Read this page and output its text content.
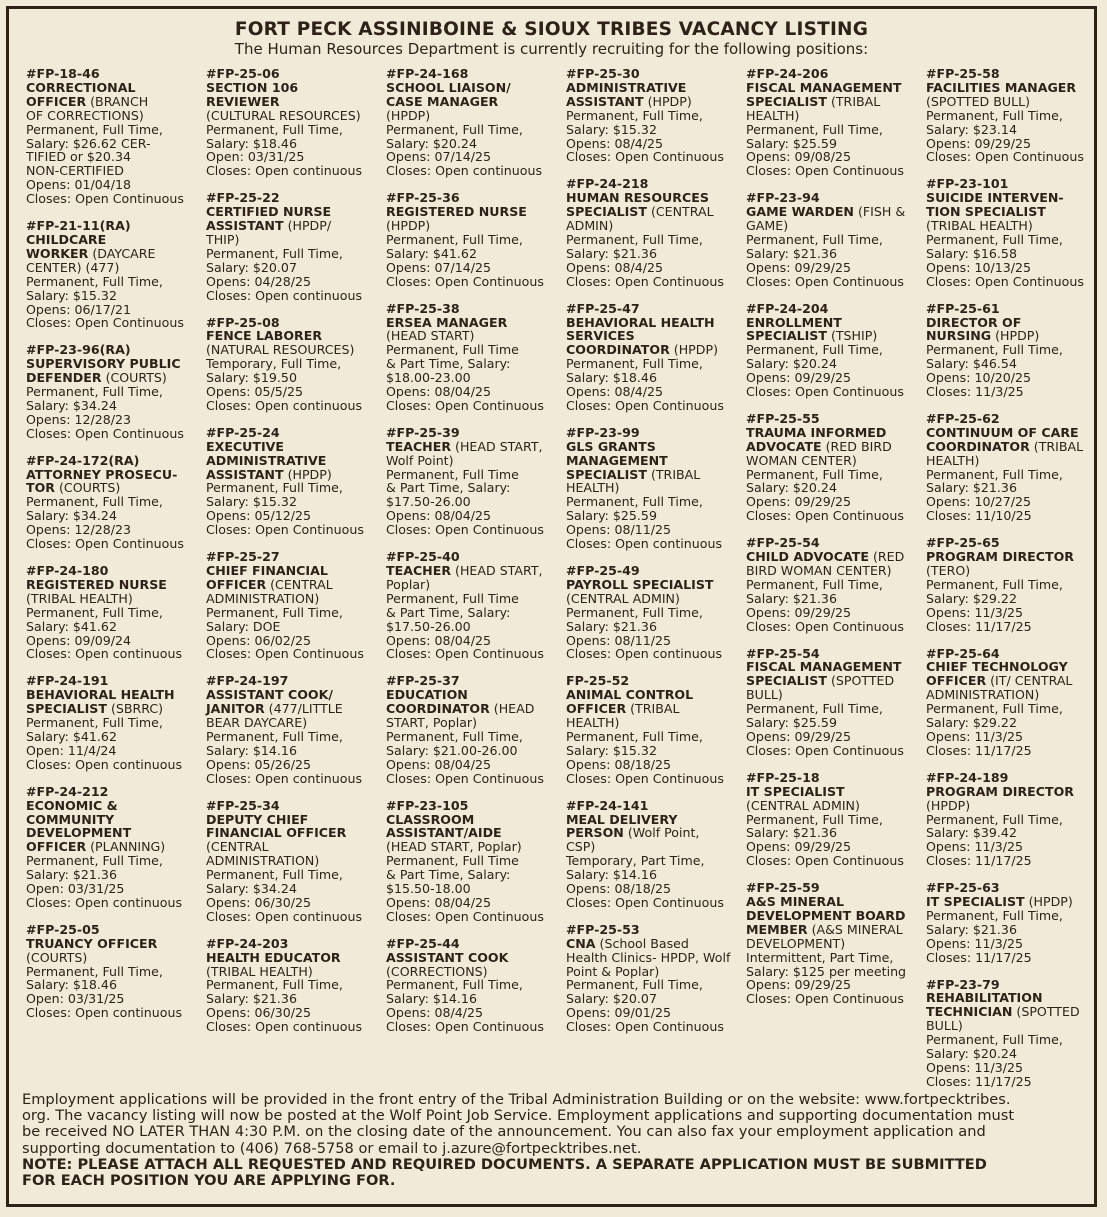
FORT PECK ASSINIBOINE & SIOUX TRIBES VACANCY LISTING
The Human Resources Department is currently recruiting for the following positions:
#FP-18-46
CORRECTIONAL
OFFICER (BRANCH
OF CORRECTIONS)
Permanent, Full Time,
Salary: $26.62 CER-
TIFIED or $20.34
NON-CERTIFIED
Opens: 01/04/18
Closes: Open Continuous
#FP-21-11(RA)
CHILDCARE
WORKER (DAYCARE
CENTER) (477)
Permanent, Full Time,
Salary: $15.32
Opens: 06/17/21
Closes: Open Continuous
#FP-23-96(RA)
SUPERVISORY PUBLIC
DEFENDER (COURTS)
Permanent, Full Time,
Salary: $34.24
Opens: 12/28/23
Closes: Open Continuous
#FP-24-172(RA)
ATTORNEY PROSECU-
TOR (COURTS)
Permanent, Full Time,
Salary: $34.24
Opens: 12/28/23
Closes: Open Continuous
#FP-24-180
REGISTERED NURSE
(TRIBAL HEALTH)
Permanent, Full Time,
Salary: $41.62
Opens: 09/09/24
Closes: Open continuous
#FP-24-191
BEHAVIORAL HEALTH
SPECIALIST (SBRRC)
Permanent, Full Time,
Salary: $41.62
Open: 11/4/24
Closes: Open continuous
#FP-24-212
ECONOMIC &
COMMUNITY
DEVELOPMENT
OFFICER (PLANNING)
Permanent, Full Time,
Salary: $21.36
Open: 03/31/25
Closes: Open continuous
#FP-25-05
TRUANCY OFFICER
(COURTS)
Permanent, Full Time,
Salary: $18.46
Open: 03/31/25
Closes: Open continuous
#FP-25-06
SECTION 106
REVIEWER
(CULTURAL RESOURCES)
Permanent, Full Time,
Salary: $18.46
Open: 03/31/25
Closes: Open continuous
#FP-25-22
CERTIFIED NURSE
ASSISTANT (HPDP/
THIP)
Permanent, Full Time,
Salary: $20.07
Opens: 04/28/25
Closes: Open continuous
#FP-25-08
FENCE LABORER
(NATURAL RESOURCES)
Temporary, Full Time,
Salary: $19.50
Opens: 05/5/25
Closes: Open continuous
#FP-25-24
EXECUTIVE
ADMINISTRATIVE
ASSISTANT (HPDP)
Permanent, Full Time,
Salary: $15.32
Opens: 05/12/25
Closes: Open Continuous
#FP-25-27
CHIEF FINANCIAL
OFFICER (CENTRAL
ADMINISTRATION)
Permanent, Full Time,
Salary: DOE
Opens: 06/02/25
Closes: Open Continuous
#FP-24-197
ASSISTANT COOK/
JANITOR (477/LITTLE
BEAR DAYCARE)
Permanent, Full Time,
Salary: $14.16
Opens: 05/26/25
Closes: Open continuous
#FP-25-34
DEPUTY CHIEF
FINANCIAL OFFICER
(CENTRAL
ADMINISTRATION)
Permanent, Full Time,
Salary: $34.24
Opens: 06/30/25
Closes: Open continuous
#FP-24-203
HEALTH EDUCATOR
(TRIBAL HEALTH)
Permanent, Full Time,
Salary: $21.36
Opens: 06/30/25
Closes: Open continuous
#FP-24-168
SCHOOL LIAISON/
CASE MANAGER
(HPDP)
Permanent, Full Time,
Salary: $20.24
Opens: 07/14/25
Closes: Open continuous
#FP-25-36
REGISTERED NURSE
(HPDP)
Permanent, Full Time,
Salary: $41.62
Opens: 07/14/25
Closes: Open Continuous
#FP-25-38
ERSEA MANAGER
(HEAD START)
Permanent, Full Time
& Part Time, Salary:
$18.00-23.00
Opens: 08/04/25
Closes: Open Continuous
#FP-25-39
TEACHER (HEAD START,
Wolf Point)
Permanent, Full Time
& Part Time, Salary:
$17.50-26.00
Opens: 08/04/25
Closes: Open Continuous
#FP-25-40
TEACHER (HEAD START,
Poplar)
Permanent, Full Time
& Part Time, Salary:
$17.50-26.00
Opens: 08/04/25
Closes: Open Continuous
#FP-25-37
EDUCATION
COORDINATOR (HEAD
START, Poplar)
Permanent, Full Time,
Salary: $21.00-26.00
Opens: 08/04/25
Closes: Open Continuous
#FP-23-105
CLASSROOM
ASSISTANT/AIDE
(HEAD START, Poplar)
Permanent, Full Time
& Part Time, Salary:
$15.50-18.00
Opens: 08/04/25
Closes: Open Continuous
#FP-25-44
ASSISTANT COOK
(CORRECTIONS)
Permanent, Full Time,
Salary: $14.16
Opens: 08/4/25
Closes: Open Continuous
#FP-25-30
ADMINISTRATIVE
ASSISTANT (HPDP)
Permanent, Full Time,
Salary: $15.32
Opens: 08/4/25
Closes: Open Continuous
#FP-24-218
HUMAN RESOURCES
SPECIALIST (CENTRAL
ADMIN)
Permanent, Full Time,
Salary: $21.36
Opens: 08/4/25
Closes: Open Continuous
#FP-25-47
BEHAVIORAL HEALTH
SERVICES
COORDINATOR (HPDP)
Permanent, Full Time,
Salary: $18.46
Opens: 08/4/25
Closes: Open Continuous
#FP-23-99
GLS GRANTS
MANAGEMENT
SPECIALIST (TRIBAL
HEALTH)
Permanent, Full Time,
Salary: $25.59
Opens: 08/11/25
Closes: Open continuous
#FP-25-49
PAYROLL SPECIALIST
(CENTRAL ADMIN)
Permanent, Full Time,
Salary: $21.36
Opens: 08/11/25
Closes: Open continuous
FP-25-52
ANIMAL CONTROL
OFFICER (TRIBAL
HEALTH)
Permanent, Full Time,
Salary: $15.32
Opens: 08/18/25
Closes: Open Continuous
#FP-24-141
MEAL DELIVERY
PERSON (Wolf Point,
CSP)
Temporary, Part Time,
Salary: $14.16
Opens: 08/18/25
Closes: Open Continuous
#FP-25-53
CNA (School Based
Health Clinics- HPDP, Wolf
Point & Poplar)
Permanent, Full Time,
Salary: $20.07
Opens: 09/01/25
Closes: Open Continuous
#FP-24-206
FISCAL MANAGEMENT
SPECIALIST (TRIBAL
HEALTH)
Permanent, Full Time,
Salary: $25.59
Opens: 09/08/25
Closes: Open Continuous
#FP-23-94
GAME WARDEN (FISH &
GAME)
Permanent, Full Time,
Salary: $21.36
Opens: 09/29/25
Closes: Open Continuous
#FP-24-204
ENROLLMENT
SPECIALIST (TSHIP)
Permanent, Full Time,
Salary: $20.24
Opens: 09/29/25
Closes: Open Continuous
#FP-25-55
TRAUMA INFORMED
ADVOCATE (RED BIRD
WOMAN CENTER)
Permanent, Full Time,
Salary: $20.24
Opens: 09/29/25
Closes: Open Continuous
#FP-25-54
CHILD ADVOCATE (RED
BIRD WOMAN CENTER)
Permanent, Full Time,
Salary: $21.36
Opens: 09/29/25
Closes: Open Continuous
#FP-25-54
FISCAL MANAGEMENT
SPECIALIST (SPOTTED
BULL)
Permanent, Full Time,
Salary: $25.59
Opens: 09/29/25
Closes: Open Continuous
#FP-25-18
IT SPECIALIST
(CENTRAL ADMIN)
Permanent, Full Time,
Salary: $21.36
Opens: 09/29/25
Closes: Open Continuous
#FP-25-59
A&S MINERAL
DEVELOPMENT BOARD
MEMBER (A&S MINERAL
DEVELOPMENT)
Intermittent, Part Time,
Salary: $125 per meeting
Opens: 09/29/25
Closes: Open Continuous
#FP-25-58
FACILITIES MANAGER
(SPOTTED BULL)
Permanent, Full Time,
Salary: $23.14
Opens: 09/29/25
Closes: Open Continuous
#FP-23-101
SUICIDE INTERVEN-
TION SPECIALIST
(TRIBAL HEALTH)
Permanent, Full Time,
Salary: $16.58
Opens: 10/13/25
Closes: Open Continuous
#FP-25-61
DIRECTOR OF
NURSING (HPDP)
Permanent, Full Time,
Salary: $46.54
Opens: 10/20/25
Closes: 11/3/25
#FP-25-62
CONTINUUM OF CARE
COORDINATOR (TRIBAL
HEALTH)
Permanent, Full Time,
Salary: $21.36
Opens: 10/27/25
Closes: 11/10/25
#FP-25-65
PROGRAM DIRECTOR
(TERO)
Permanent, Full Time,
Salary: $29.22
Opens: 11/3/25
Closes: 11/17/25
#FP-25-64
CHIEF TECHNOLOGY
OFFICER (IT/ CENTRAL
ADMINISTRATION)
Permanent, Full Time,
Salary: $29.22
Opens: 11/3/25
Closes: 11/17/25
#FP-24-189
PROGRAM DIRECTOR
(HPDP)
Permanent, Full Time,
Salary: $39.42
Opens: 11/3/25
Closes: 11/17/25
#FP-25-63
IT SPECIALIST (HPDP)
Permanent, Full Time,
Salary: $21.36
Opens: 11/3/25
Closes: 11/17/25
#FP-23-79
REHABILITATION
TECHNICIAN (SPOTTED
BULL)
Permanent, Full Time,
Salary: $20.24
Opens: 11/3/25
Closes: 11/17/25
Employment applications will be provided in the front entry of the Tribal Administration Building or on the website: www.fortpecktribes.
org. The vacancy listing will now be posted at the Wolf Point Job Service. Employment applications and supporting documentation must
be received NO LATER THAN 4:30 P.M. on the closing date of the announcement. You can also fax your employment application and
supporting documentation to (406) 768-5758 or email to j.azure@fortpecktribes.net.
NOTE: PLEASE ATTACH ALL REQUESTED AND REQUIRED DOCUMENTS. A SEPARATE APPLICATION MUST BE SUBMITTED
FOR EACH POSITION YOU ARE APPLYING FOR.
